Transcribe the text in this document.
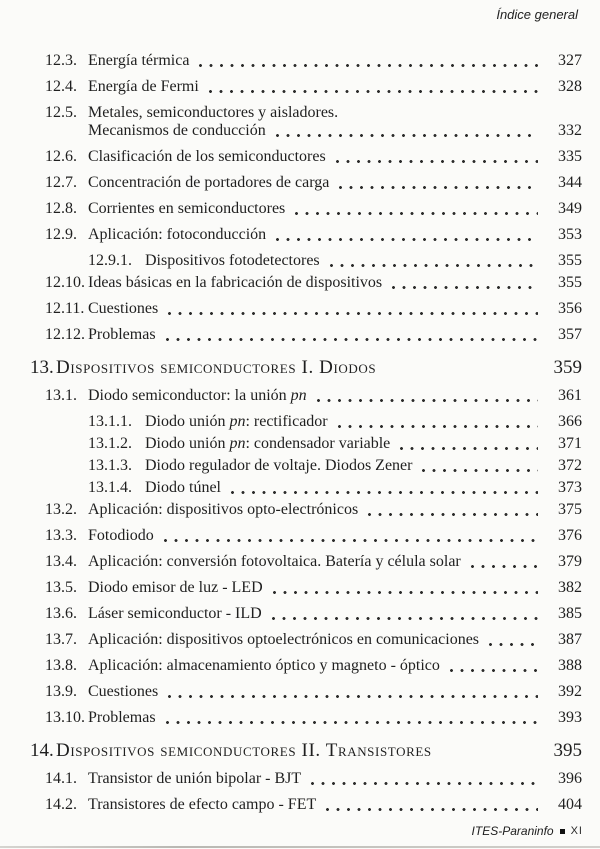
Índice general
12.3. Energía térmica	327
12.4. Energía de Fermi	328
12.5. Metales, semiconductores y aisladores.
Mecanismos de conducción	332
12.6. Clasificación de los semiconductores	335
12.7. Concentración de portadores de carga	344
12.8. Corrientes en semiconductores	349
12.9. Aplicación: fotoconducción	353
12.9.1. Dispositivos fotodetectores	355
12.10. Ideas básicas en la fabricación de dispositivos	355
12.11. Cuestiones	356
12.12. Problemas	357
13. Dispositivos semiconductores I. Diodos	359
13.1. Diodo semiconductor: la unión pn	361
13.1.1. Diodo unión pn: rectificador	366
13.1.2. Diodo unión pn: condensador variable	371
13.1.3. Diodo regulador de voltaje. Diodos Zener	372
13.1.4. Diodo túnel	373
13.2. Aplicación: dispositivos opto-electrónicos	375
13.3. Fotodiodo	376
13.4. Aplicación: conversión fotovoltaica. Batería y célula solar	379
13.5. Diodo emisor de luz - LED	382
13.6. Láser semiconductor - ILD	385
13.7. Aplicación: dispositivos optoelectrónicos en comunicaciones	387
13.8. Aplicación: almacenamiento óptico y magneto - óptico	388
13.9. Cuestiones	392
13.10. Problemas	393
14. Dispositivos semiconductores II. Transistores	395
14.1. Transistor de unión bipolar - BJT	396
14.2. Transistores de efecto campo - FET	404
ITES-Paraninfo XI
